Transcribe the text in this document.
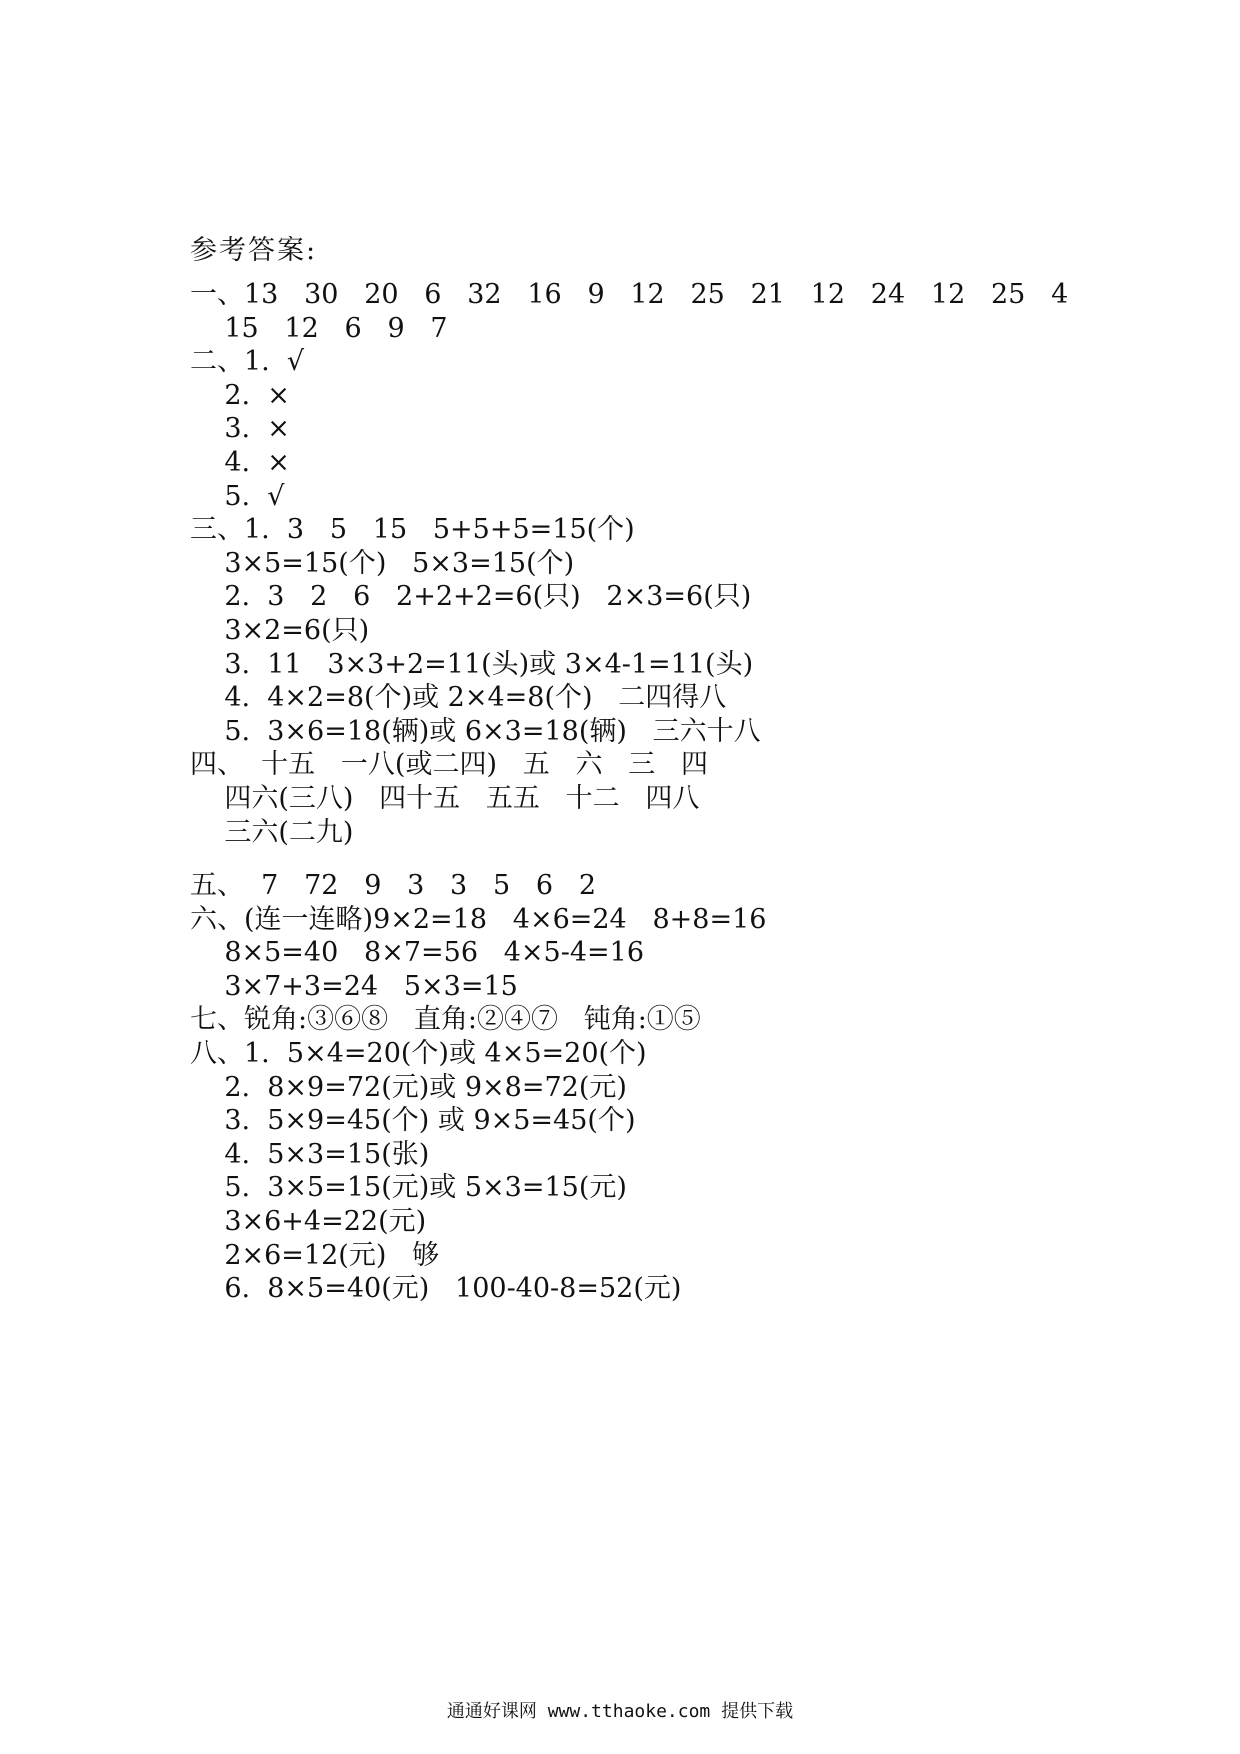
参考答案:
一、13   30   20   6   32   16   9   12   25   21   12   24   12   25   4
15   12   6   9   7
二、1.  √
2.  ×
3.  ×
4.  ×
5.  √
三、1.  3   5   15   5+5+5=15(个)
3×5=15(个)   5×3=15(个)
2.  3   2   6   2+2+2=6(只)   2×3=6(只)
3×2=6(只)
3.  11   3×3+2=11(头)或 3×4-1=11(头)
4.  4×2=8(个)或 2×4=8(个)   二四得八
5.  3×6=18(辆)或 6×3=18(辆)   三六十八
四、  十五   一八(或二四)   五   六   三   四
四六(三八)   四十五   五五   十二   四八
三六(二九)
五、  7   72   9   3   3   5   6   2
六、(连一连略)9×2=18   4×6=24   8+8=16
8×5=40   8×7=56   4×5-4=16
3×7+3=24   5×3=15
七、锐角:③⑥⑧   直角:②④⑦   钝角:①⑤
八、1.  5×4=20(个)或 4×5=20(个)
2.  8×9=72(元)或 9×8=72(元)
3.  5×9=45(个) 或 9×5=45(个)
4.  5×3=15(张)
5.  3×5=15(元)或 5×3=15(元)
3×6+4=22(元)
2×6=12(元)   够
6.  8×5=40(元)   100-40-8=52(元)
通通好课网 www.tthaoke.com 提供下载
